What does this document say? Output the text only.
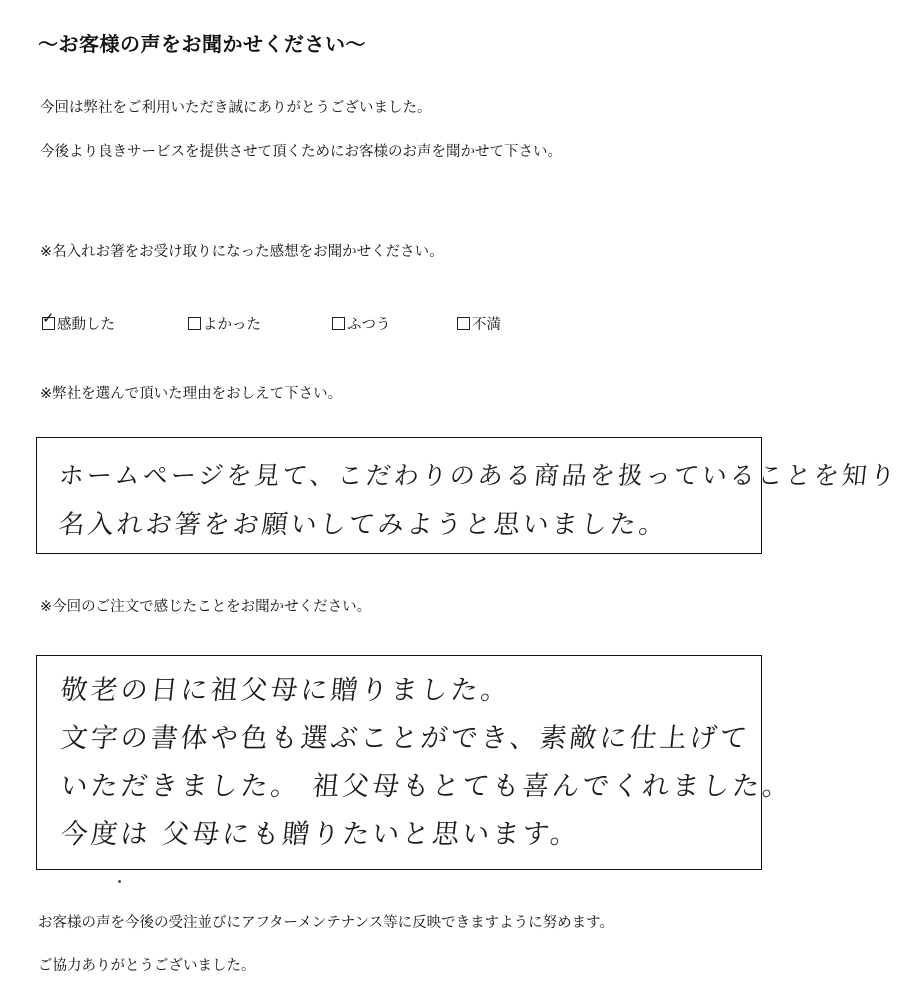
〜お客様の声をお聞かせください〜
今回は弊社をご利用いただき誠にありがとうございました。
今後より良きサービスを提供させて頂くためにお客様のお声を聞かせて下さい。
※名入れお箸をお受け取りになった感想をお聞かせください。
✓ 感動した	よかった	ふつう	不満
※弊社を選んで頂いた理由をおしえて下さい。
ホームページを見て、こだわりのある商品を扱っていることを知り
名入れお箸をお願いしてみようと思いました。
※今回のご注文で感じたことをお聞かせください。
敬老の日に祖父母に贈りました。
文字の書体や色も選ぶことができ、素敵に仕上げて
いただきました。 祖父母もとても喜んでくれました。
今度は 父母にも贈りたいと思います。
お客様の声を今後の受注並びにアフターメンテナンス等に反映できますように努めます。
ご協力ありがとうございました。
